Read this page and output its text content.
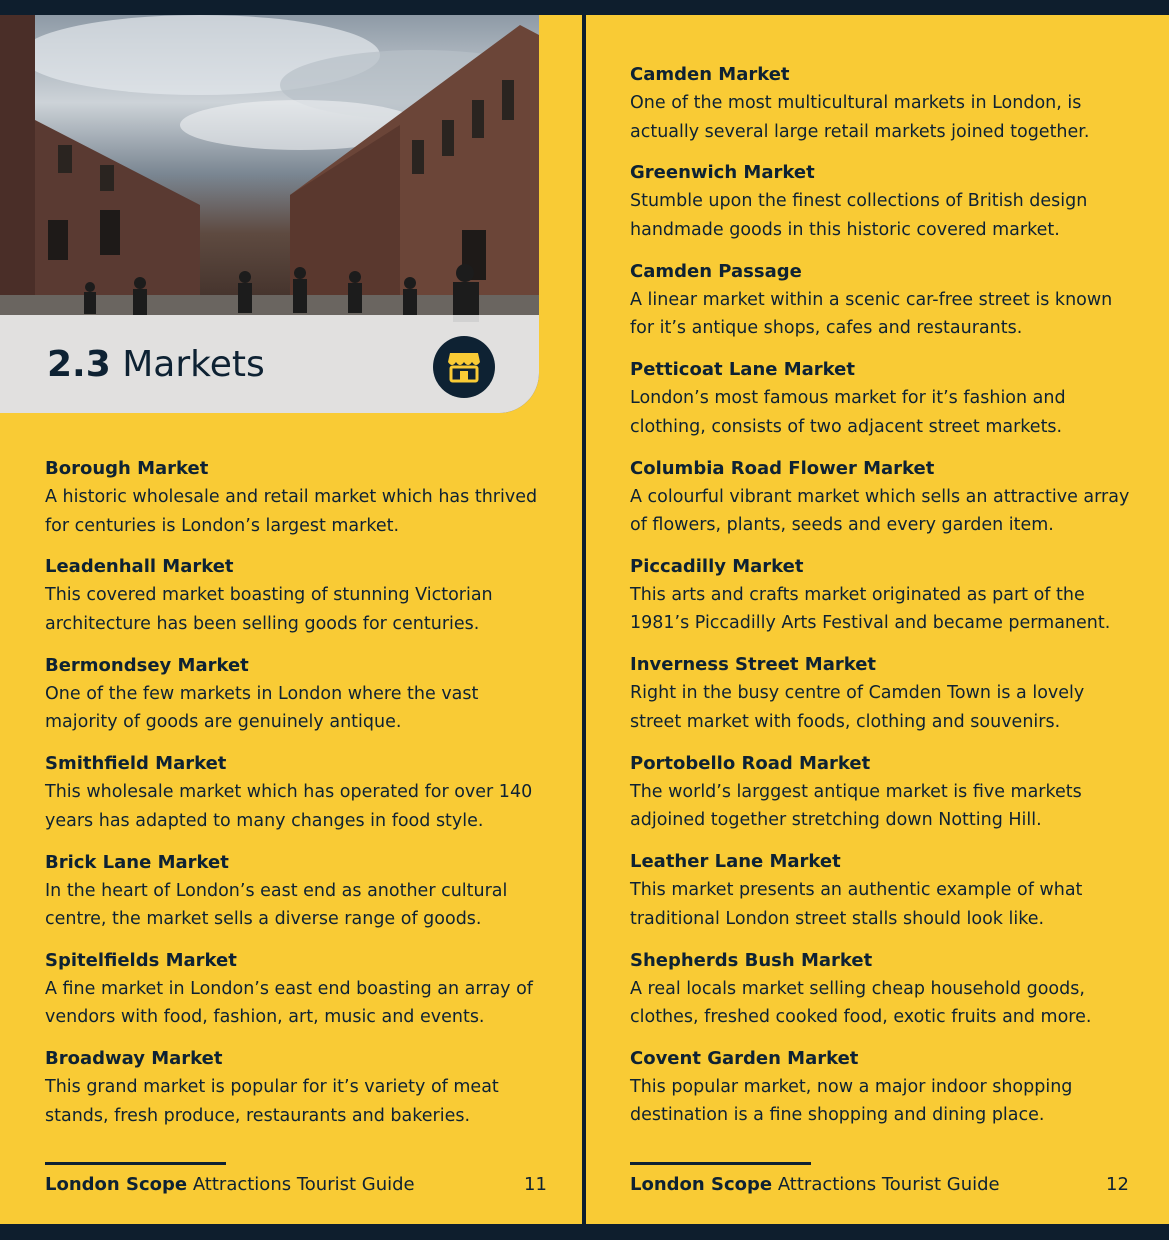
2.3 Markets
Borough Market

A historic wholesale and retail market which has thrived for centuries is London’s largest market.

Leadenhall Market

This covered market boasting of stunning Victorian architecture has been selling goods for centuries.

Bermondsey Market

One of the few markets in London where the vast majority of goods are genuinely antique.

Smithfield Market

This wholesale market which has operated for over 140 years has adapted to many changes in food style.

Brick Lane Market

In the heart of London’s east end as another cultural centre, the market sells a diverse range of goods.

Spitelfields Market

A fine market in London’s east end boasting an array of vendors with food, fashion, art, music and events.

Broadway Market

This grand market is popular for it’s variety of meat stands, fresh produce, restaurants and bakeries.

London Scope Attractions Tourist Guide	11
Camden Market

One of the most multicultural markets in London, is actually several large retail markets joined together.

Greenwich Market

Stumble upon the finest collections of British design handmade goods in this historic covered market.

Camden Passage

A linear market within a scenic car-free street is known for it’s antique shops, cafes and restaurants.

Petticoat Lane Market

London’s most famous market for it’s fashion and clothing, consists of two adjacent street markets.

Columbia Road Flower Market

A colourful vibrant market which sells an attractive array of flowers, plants, seeds and every garden item.

Piccadilly Market

This arts and crafts market originated as part of the 1981’s Piccadilly Arts Festival and became permanent.

Inverness Street Market

Right in the busy centre of Camden Town is a lovely street market with foods, clothing and souvenirs.

Portobello Road Market

The world’s larggest antique market is five markets adjoined together stretching down Notting Hill.

Leather Lane Market

This market presents an authentic example of what traditional London street stalls should look like.

Shepherds Bush Market

A real locals market selling cheap household goods, clothes, freshed cooked food, exotic fruits and more.

Covent Garden Market

This popular market, now a major indoor shopping destination is a fine shopping and dining place.

London Scope Attractions Tourist Guide	12
